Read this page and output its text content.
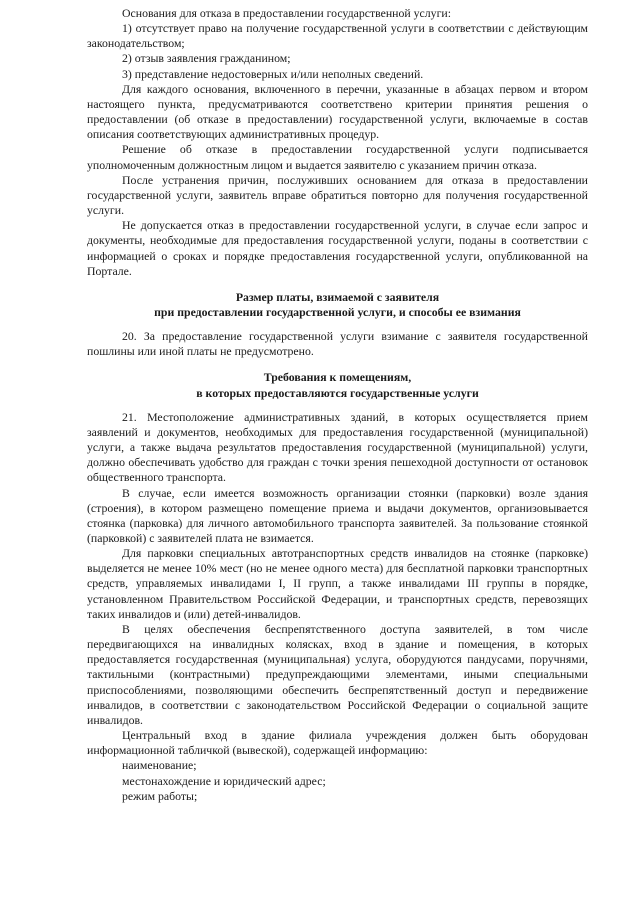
Основания для отказа в предоставлении государственной услуги:

1) отсутствует право на получение государственной услуги в соответствии с действующим законодательством;

2) отзыв заявления гражданином;

3) представление недостоверных и/или неполных сведений.

Для каждого основания, включенного в перечни, указанные в абзацах первом и втором настоящего пункта, предусматриваются соответствено критерии принятия решения о предоставлении (об отказе в предоставлении) государственной услуги, включаемые в состав описания соответствующих административных процедур.

Решение об отказе в предоставлении государственной услуги подписывается уполномоченным должностным лицом и выдается заявителю с указанием причин отказа.

После устранения причин, послуживших основанием для отказа в предоставлении государственной услуги, заявитель вправе обратиться повторно для получения государственной услуги.

Не допускается отказ в предоставлении государственной услуги, в случае если запрос и документы, необходимые для предоставления государственной услуги, поданы в соответствии с информацией о сроках и порядке предоставления государственной услуги, опубликованной на Портале.

Размер платы, взимаемой с заявителя

при предоставлении государственной услуги, и способы ее взимания

20. За предоставление государственной услуги взимание с заявителя государственной пошлины или иной платы не предусмотрено.

Требования к помещениям,

в которых предоставляются государственные услуги

21. Местоположение административных зданий, в которых осуществляется прием заявлений и документов, необходимых для предоставления государственной (муниципальной) услуги, а также выдача результатов предоставления государственной (муниципальной) услуги, должно обеспечивать удобство для граждан с точки зрения пешеходной доступности от остановок общественного транспорта.

В случае, если имеется возможность организации стоянки (парковки) возле здания (строения), в котором размещено помещение приема и выдачи документов, организовывается стоянка (парковка) для личного автомобильного транспорта заявителей. За пользование стоянкой (парковкой) с заявителей плата не взимается.

Для парковки специальных автотранспортных средств инвалидов на стоянке (парковке) выделяется не менее 10% мест (но не менее одного места) для бесплатной парковки транспортных средств, управляемых инвалидами I, II групп, а также инвалидами III группы в порядке, установленном Правительством Российской Федерации, и транспортных средств, перевозящих таких инвалидов и (или) детей-инвалидов.

В целях обеспечения беспрепятственного доступа заявителей, в том числе передвигающихся на инвалидных колясках, вход в здание и помещения, в которых предоставляется государственная (муниципальная) услуга, оборудуются пандусами, поручнями, тактильными (контрастными) предупреждающими элементами, иными специальными приспособлениями, позволяющими обеспечить беспрепятственный доступ и передвижение инвалидов, в соответствии с законодательством Российской Федерации о социальной защите инвалидов.

Центральный вход в здание филиала учреждения должен быть оборудован информационной табличкой (вывеской), содержащей информацию:

наименование;

местонахождение и юридический адрес;

режим работы;
